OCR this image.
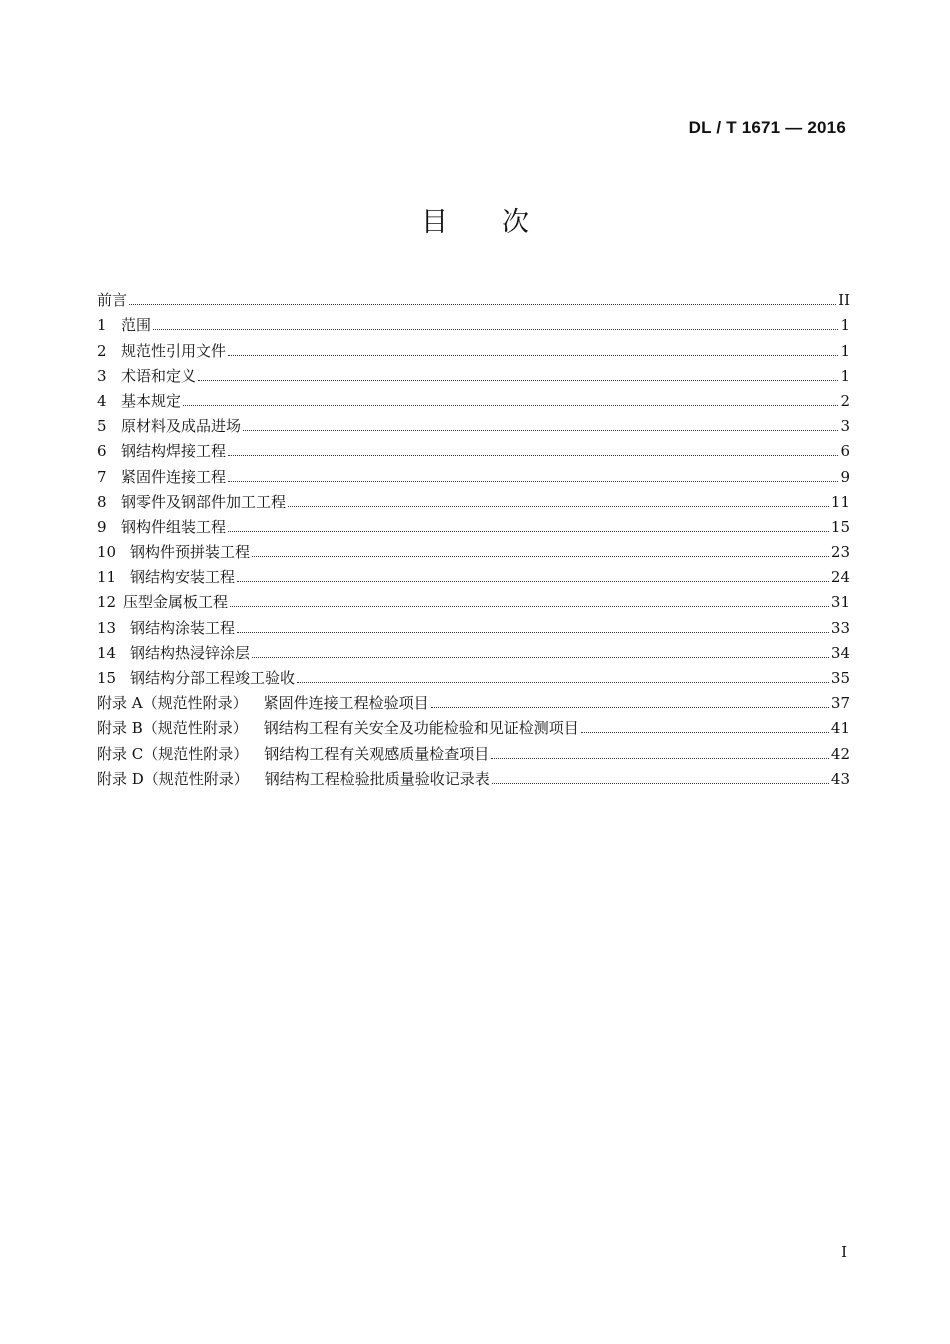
DL / T 1671 — 2016
目　　次
前言	II
1 范围	1
2 规范性引用文件	1
3 术语和定义	1
4 基本规定	2
5 原材料及成品进场	3
6 钢结构焊接工程	6
7 紧固件连接工程	9
8 钢零件及钢部件加工工程	11
9 钢构件组装工程	15
10 钢构件预拼装工程	23
11 钢结构安装工程	24
12 压型金属板工程	31
13 钢结构涂装工程	33
14 钢结构热浸锌涂层	34
15 钢结构分部工程竣工验收	35
附录 A（规范性附录）	紧固件连接工程检验项目	37
附录 B（规范性附录）	钢结构工程有关安全及功能检验和见证检测项目	41
附录 C（规范性附录）	钢结构工程有关观感质量检查项目	42
附录 D（规范性附录）	钢结构工程检验批质量验收记录表	43
I
